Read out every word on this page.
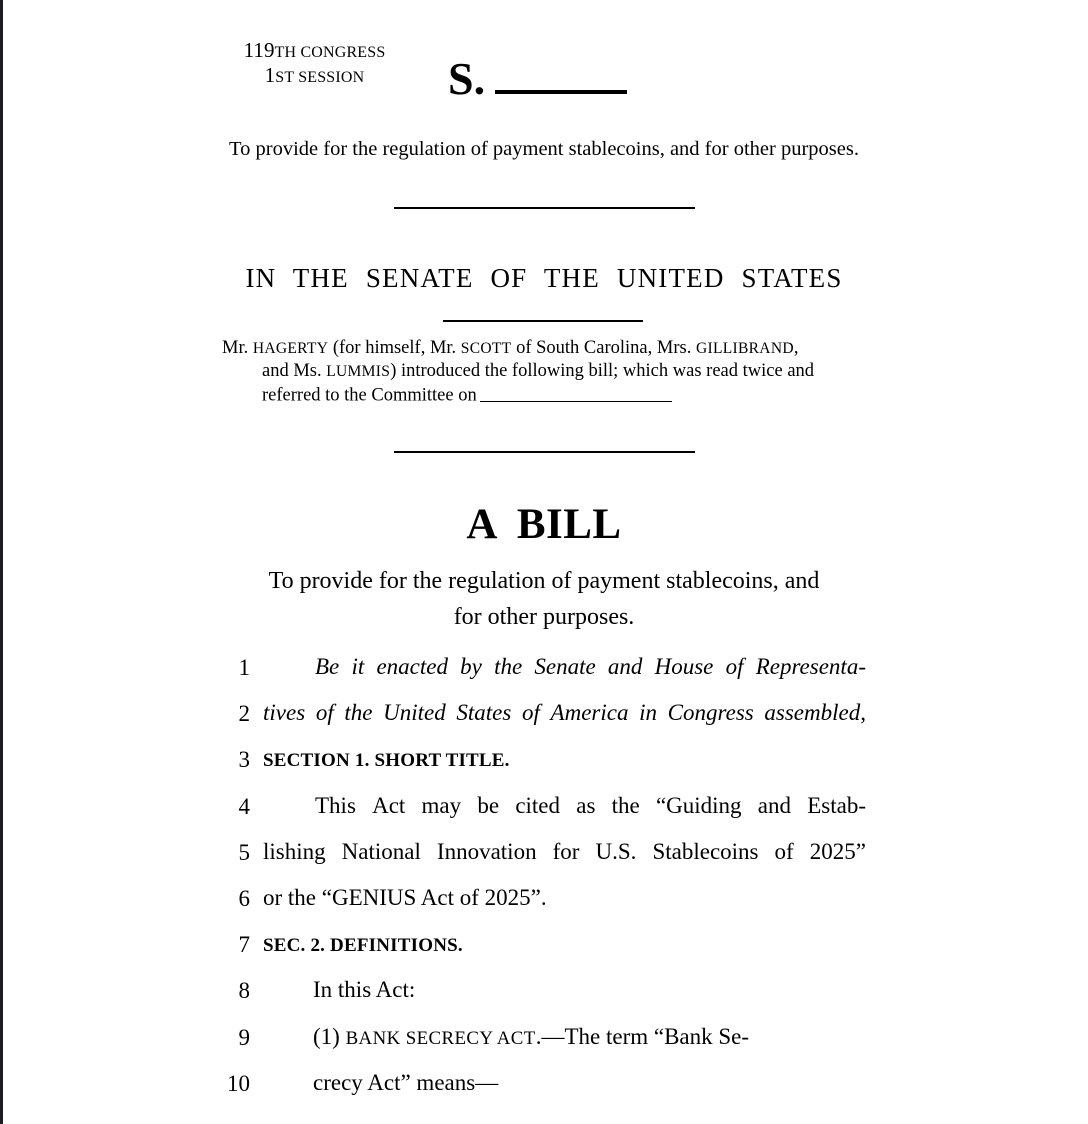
119TH CONGRESS
1ST SESSION	S.
To provide for the regulation of payment stablecoins, and for other purposes.
IN THE SENATE OF THE UNITED STATES
Mr. HAGERTY (for himself, Mr. SCOTT of South Carolina, Mrs. GILLIBRAND,
and Ms. LUMMIS) introduced the following bill; which was read twice and
referred to the Committee on
A BILL
To provide for the regulation of payment stablecoins, and
for other purposes.
1	Be it enacted by the Senate and House of Representa-
2 tives of the United States of America in Congress assembled,
3 SECTION 1. SHORT TITLE.
4	This Act may be cited as the “Guiding and Estab-
5 lishing National Innovation for U.S. Stablecoins of 2025”
6 or the “GENIUS Act of 2025”.
7 SEC. 2. DEFINITIONS.
8	In this Act:
9	(1) BANK SECRECY ACT.—The term “Bank Se-
10	crecy Act” means—
